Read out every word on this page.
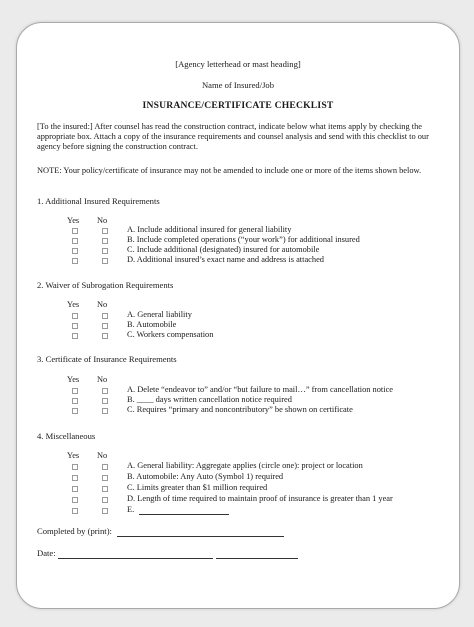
[Agency letterhead or mast heading]
Name of Insured/Job
INSURANCE/CERTIFICATE CHECKLIST
[To the insured:] After counsel has read the construction contract, indicate below what items apply by checking the appropriate box. Attach a copy of the insurance requirements and counsel analysis and send with this checklist to our agency before signing the construction contract.
NOTE: Your policy/certificate of insurance may not be amended to include one or more of the items shown below.
1. Additional Insured Requirements
Yes No
A. Include additional insured for general liability
B. Include completed operations (“your work”) for additional insured
C. Include additional (designated) insured for automobile
D. Additional insured’s exact name and address is attached
2. Waiver of Subrogation Requirements
Yes No
A. General liability
B. Automobile
C. Workers compensation
3. Certificate of Insurance Requirements
Yes No
A. Delete “endeavor to” and/or “but failure to mail…” from cancellation notice
B. ____ days written cancellation notice required
C. Requires “primary and noncontributory” be shown on certificate
4. Miscellaneous
Yes No
A. General liability: Aggregate applies (circle one): project or location
B. Automobile: Any Auto (Symbol 1) required
C. Limits greater than $1 million required
D. Length of time required to maintain proof of insurance is greater than 1 year
E.
Completed by (print):
Date:
